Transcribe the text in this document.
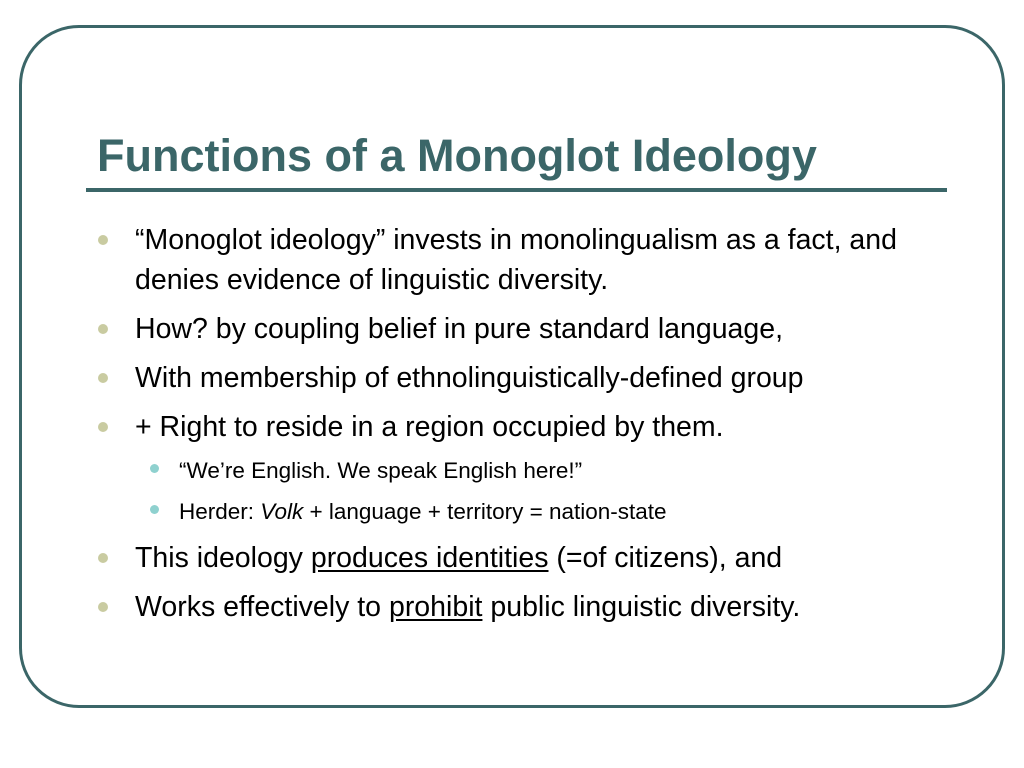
Functions of a Monoglot Ideology
“Monoglot ideology” invests in monolingualism as a fact, and denies evidence of linguistic diversity.
How? by coupling belief in pure standard language,
With membership of ethnolinguistically-defined group
+ Right to reside in a region occupied by them.
“We’re English. We speak English here!”
Herder: Volk + language + territory = nation-state
This ideology produces identities (=of citizens), and
Works effectively to prohibit public linguistic diversity.
